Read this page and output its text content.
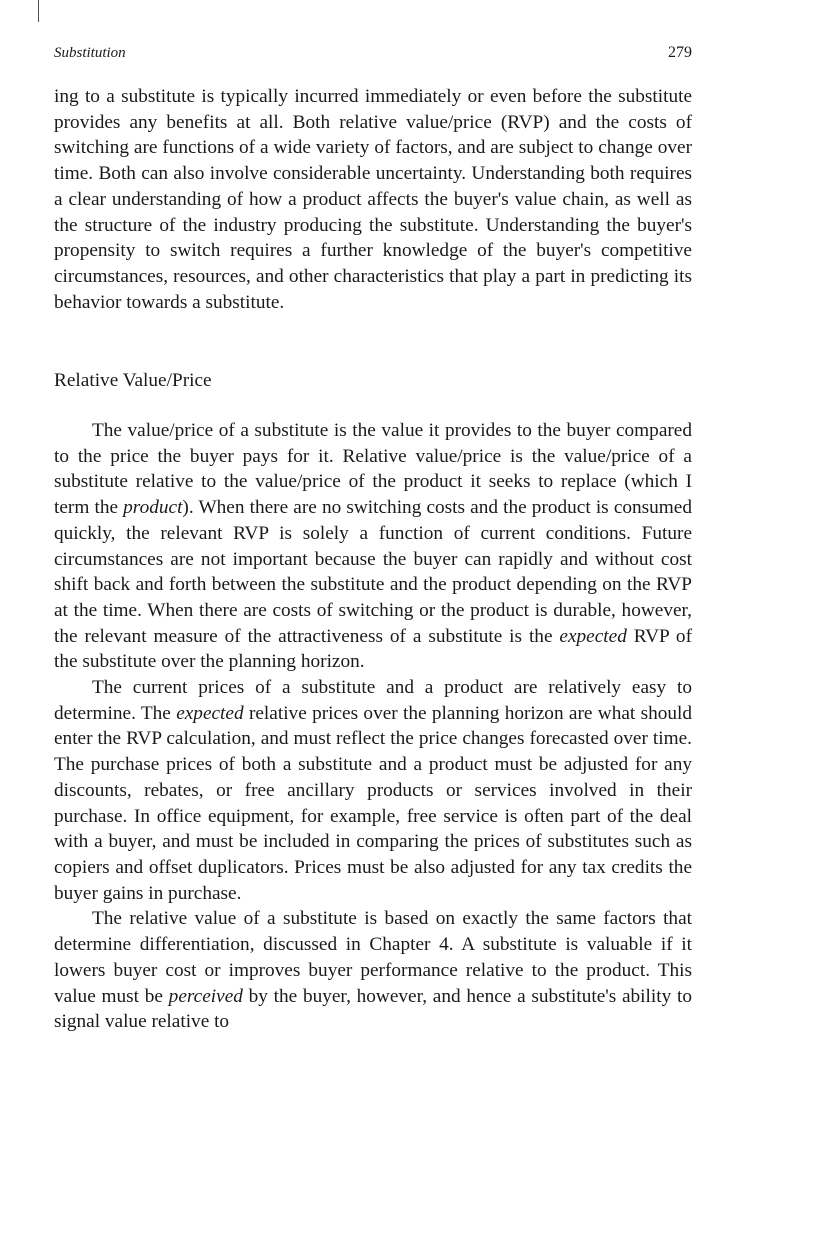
Substitution	279

ing to a substitute is typically incurred immediately or even before the substitute provides any benefits at all. Both relative value/price (RVP) and the costs of switching are functions of a wide variety of factors, and are subject to change over time. Both can also involve considerable uncertainty. Understanding both requires a clear understanding of how a product affects the buyer's value chain, as well as the structure of the industry producing the substitute. Understanding the buyer's propensity to switch requires a further knowledge of the buyer's competitive circumstances, resources, and other characteristics that play a part in predicting its behavior towards a substitute.

Relative Value/Price

The value/price of a substitute is the value it provides to the buyer compared to the price the buyer pays for it. Relative value/price is the value/price of a substitute relative to the value/price of the product it seeks to replace (which I term the product). When there are no switching costs and the product is consumed quickly, the relevant RVP is solely a function of current conditions. Future circumstances are not important because the buyer can rapidly and without cost shift back and forth between the substitute and the product depending on the RVP at the time. When there are costs of switching or the product is durable, however, the relevant measure of the attractiveness of a substitute is the expected RVP of the substitute over the planning horizon.

The current prices of a substitute and a product are relatively easy to determine. The expected relative prices over the planning horizon are what should enter the RVP calculation, and must reflect the price changes forecasted over time. The purchase prices of both a substitute and a product must be adjusted for any discounts, rebates, or free ancillary products or services involved in their purchase. In office equipment, for example, free service is often part of the deal with a buyer, and must be included in comparing the prices of substitutes such as copiers and offset duplicators. Prices must be also adjusted for any tax credits the buyer gains in purchase.

The relative value of a substitute is based on exactly the same factors that determine differentiation, discussed in Chapter 4. A substitute is valuable if it lowers buyer cost or improves buyer performance relative to the product. This value must be perceived by the buyer, however, and hence a substitute's ability to signal value relative to
